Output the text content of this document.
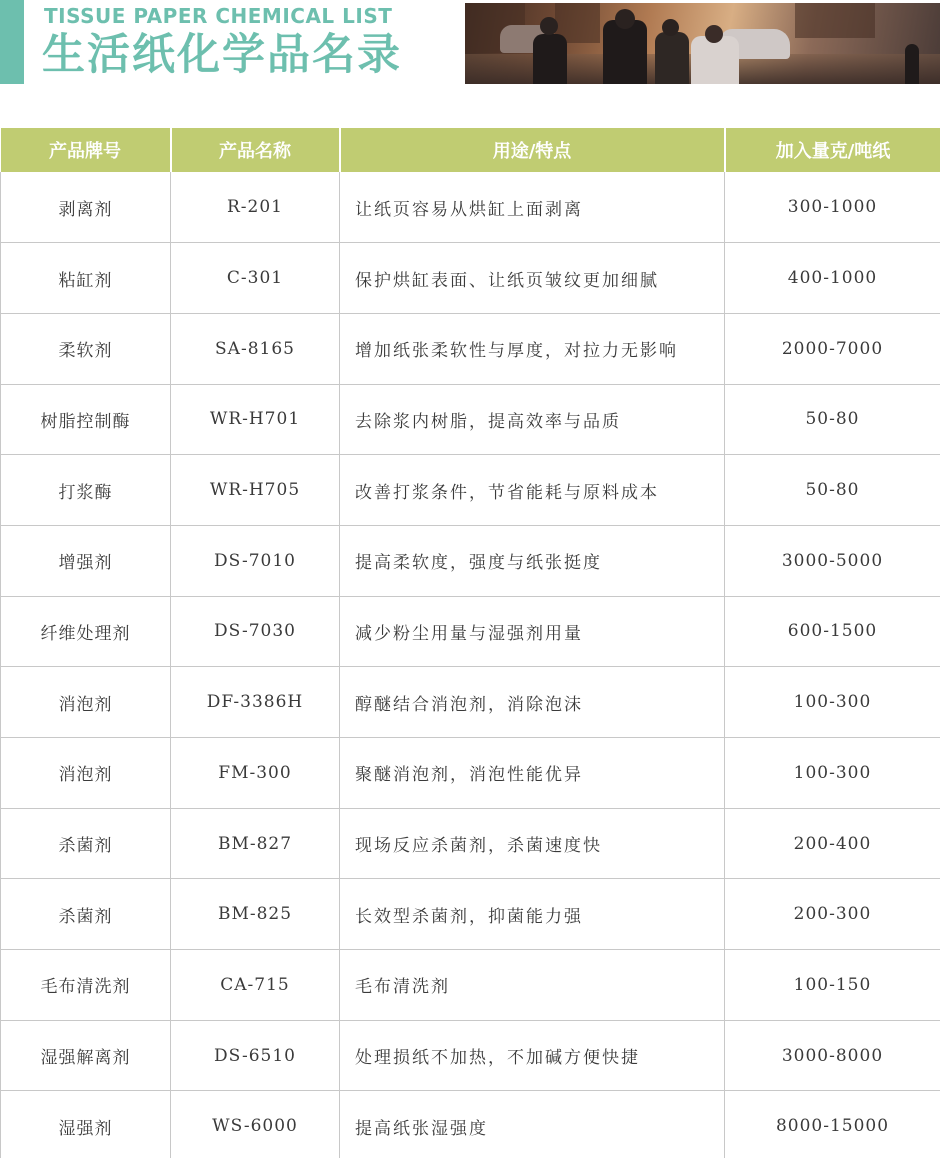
TISSUE PAPER CHEMICAL LIST
生活纸化学品名录
产品牌号	产品名称	用途/特点	加入量克/吨纸
剥离剂	R-201	让纸页容易从烘缸上面剥离	300-1000
粘缸剂	C-301	保护烘缸表面、让纸页皱纹更加细腻	400-1000
柔软剂	SA-8165	增加纸张柔软性与厚度，对拉力无影响	2000-7000
树脂控制酶	WR-H701	去除浆内树脂，提高效率与品质	50-80
打浆酶	WR-H705	改善打浆条件，节省能耗与原料成本	50-80
增强剂	DS-7010	提高柔软度，强度与纸张挺度	3000-5000
纤维处理剂	DS-7030	减少粉尘用量与湿强剂用量	600-1500
消泡剂	DF-3386H	醇醚结合消泡剂，消除泡沫	100-300
消泡剂	FM-300	聚醚消泡剂，消泡性能优异	100-300
杀菌剂	BM-827	现场反应杀菌剂，杀菌速度快	200-400
杀菌剂	BM-825	长效型杀菌剂，抑菌能力强	200-300
毛布清洗剂	CA-715	毛布清洗剂	100-150
湿强解离剂	DS-6510	处理损纸不加热，不加碱方便快捷	3000-8000
湿强剂	WS-6000	提高纸张湿强度	8000-15000
